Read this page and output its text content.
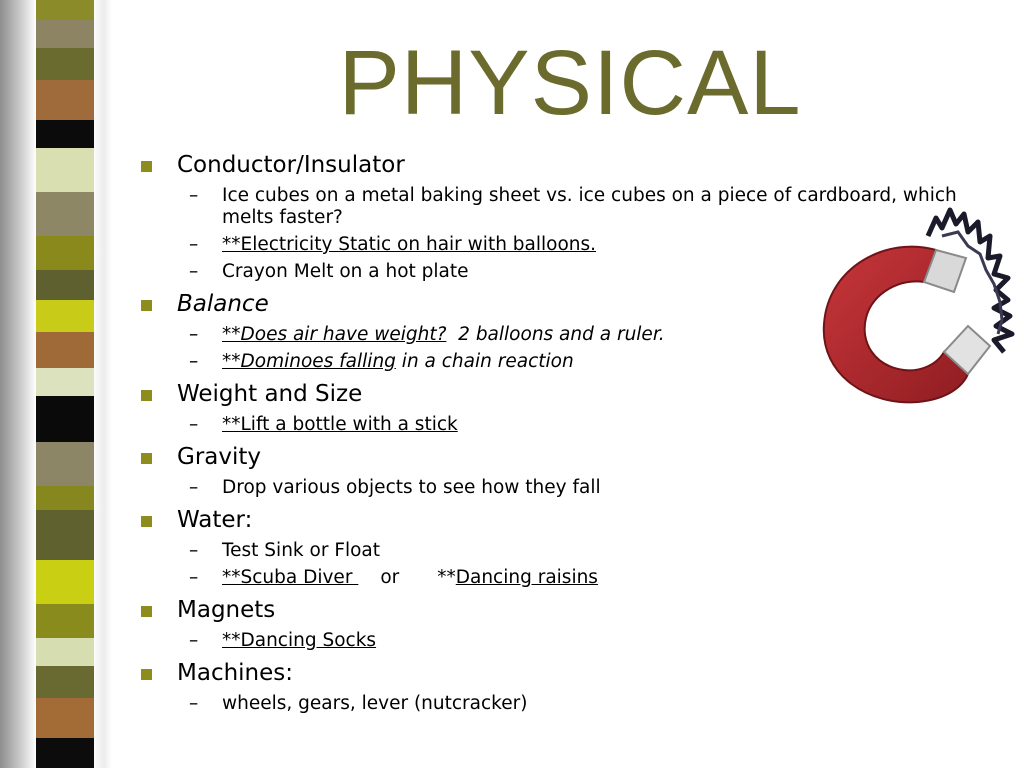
PHYSICAL
Conductor/Insulator
– Ice cubes on a metal baking sheet vs. ice cubes on a piece of cardboard, which
melts faster?
– **Electricity Static on hair with balloons.
– Crayon Melt on a hot plate
Balance
– **Does air have weight?  2 balloons and a ruler.
– **Dominoes falling in a chain reaction
Weight and Size
– **Lift a bottle with a stick
Gravity
– Drop various objects to see how they fall
Water:
– Test Sink or Float
– **Scuba Diver or **Dancing raisins
Magnets
– **Dancing Socks
Machines:
– wheels, gears, lever (nutcracker)
